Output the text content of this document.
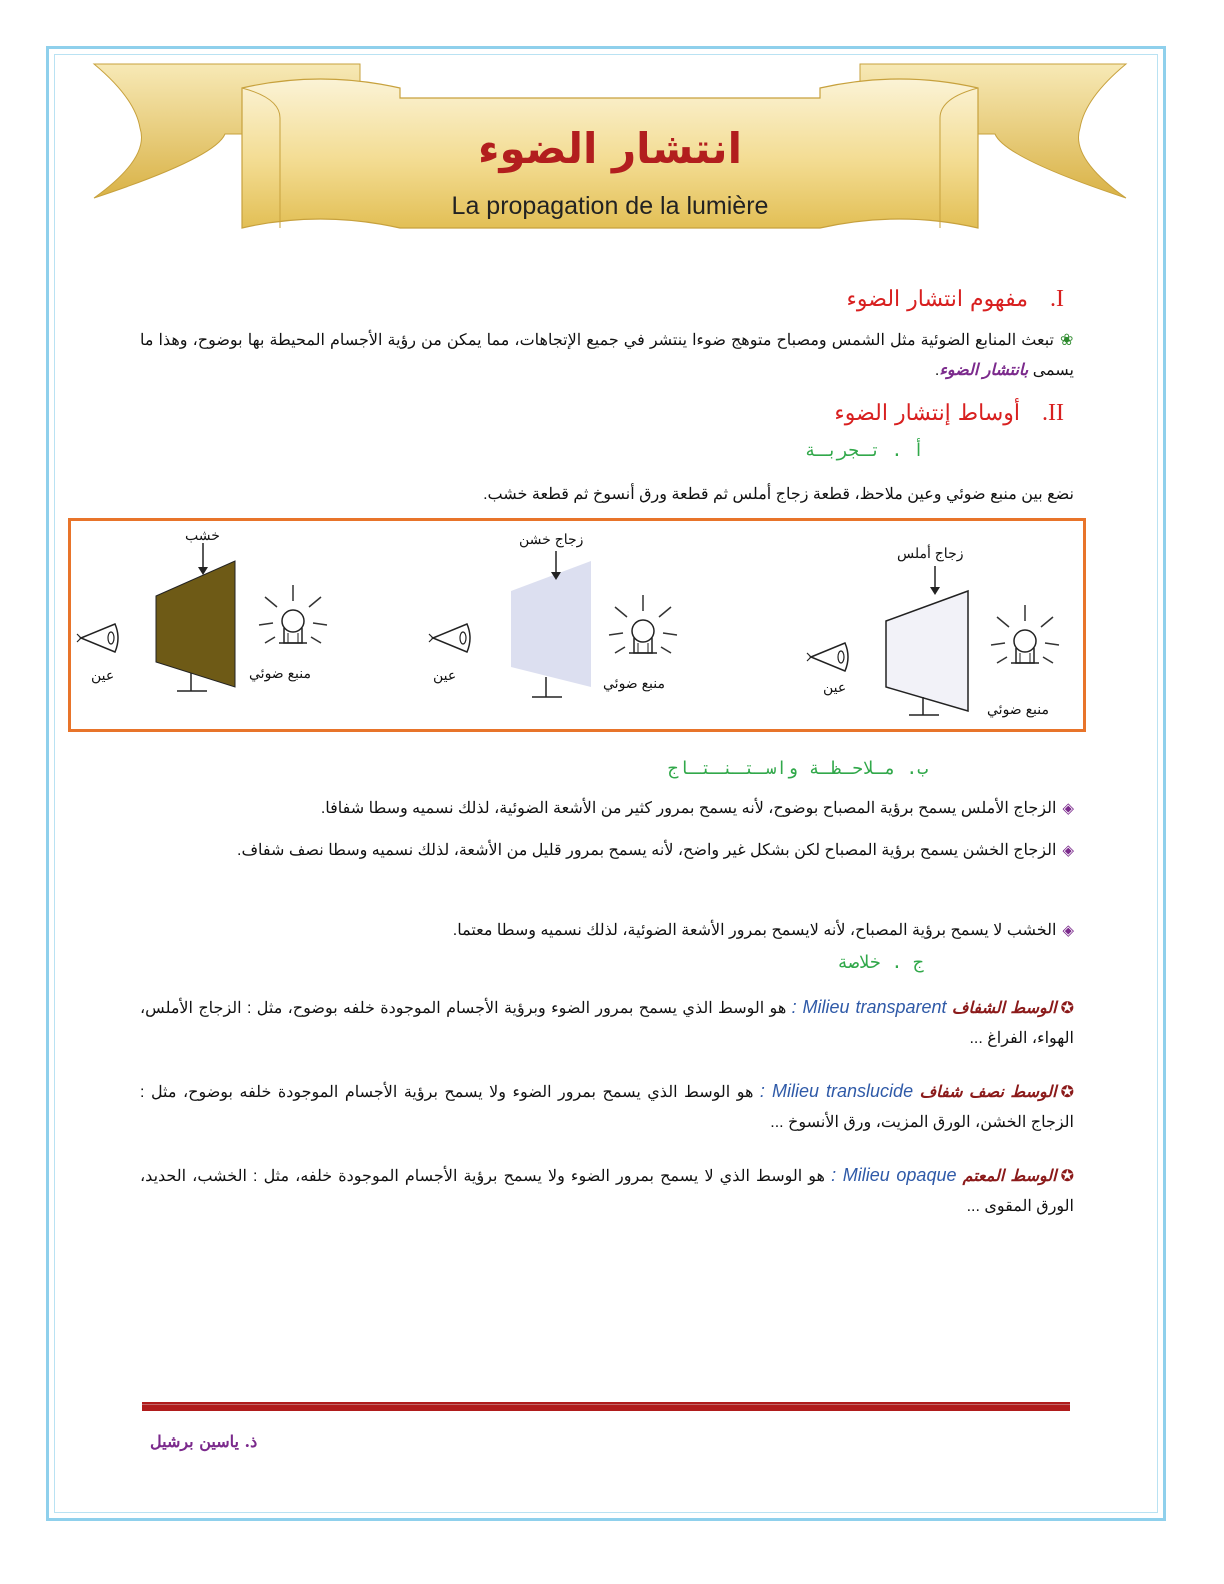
انتشار الضوء
La propagation de la lumière
I.مفهوم انتشار الضوء
❀تبعث المنابع الضوئية مثل الشمس ومصباح متوهج ضوءا ينتشر في جميع الإتجاهات، مما يمكن من رؤية الأجسام المحيطة بها بوضوح، وهذا ما يسمى بانتشار الضوء.
II.أوساط إنتشار الضوء
أ . تـجربـة
نضع بين منبع ضوئي وعين ملاحظ، قطعة زجاج أملس ثم قطعة ورق أنسوخ ثم قطعة خشب.
خشب
منبع ضوئي
عين
زجاج خشن
منبع ضوئي
عين
زجاج أملس
منبع ضوئي
عين
ب. مـلاحـظـة واسـتـنـتـاج
◈الزجاج الأملس يسمح برؤية المصباح بوضوح، لأنه يسمح بمرور كثير من الأشعة الضوئية، لذلك نسميه وسطا شفافا.
◈الزجاج الخشن يسمح برؤية المصباح لكن بشكل غير واضح، لأنه يسمح بمرور قليل من الأشعة، لذلك نسميه وسطا نصف شفاف.
◈الخشب لا يسمح برؤية المصباح، لأنه لايسمح بمرور الأشعة الضوئية، لذلك نسميه وسطا معتما.
ج . خلاصة
✪الوسط الشفاف Milieu transparent : هو الوسط الذي يسمح بمرور الضوء وبرؤية الأجسام الموجودة خلفه بوضوح، مثل : الزجاج الأملس، الهواء، الفراغ ...
✪الوسط نصف شفاف Milieu translucide : هو الوسط الذي يسمح بمرور الضوء ولا يسمح برؤية الأجسام الموجودة خلفه بوضوح، مثل : الزجاج الخشن، الورق المزيت، ورق الأنسوخ ...
✪الوسط المعتم Milieu opaque : هو الوسط الذي لا يسمح بمرور الضوء ولا يسمح برؤية الأجسام الموجودة خلفه، مثل : الخشب، الحديد، الورق المقوى ...
ذ. ياسين برشيل
